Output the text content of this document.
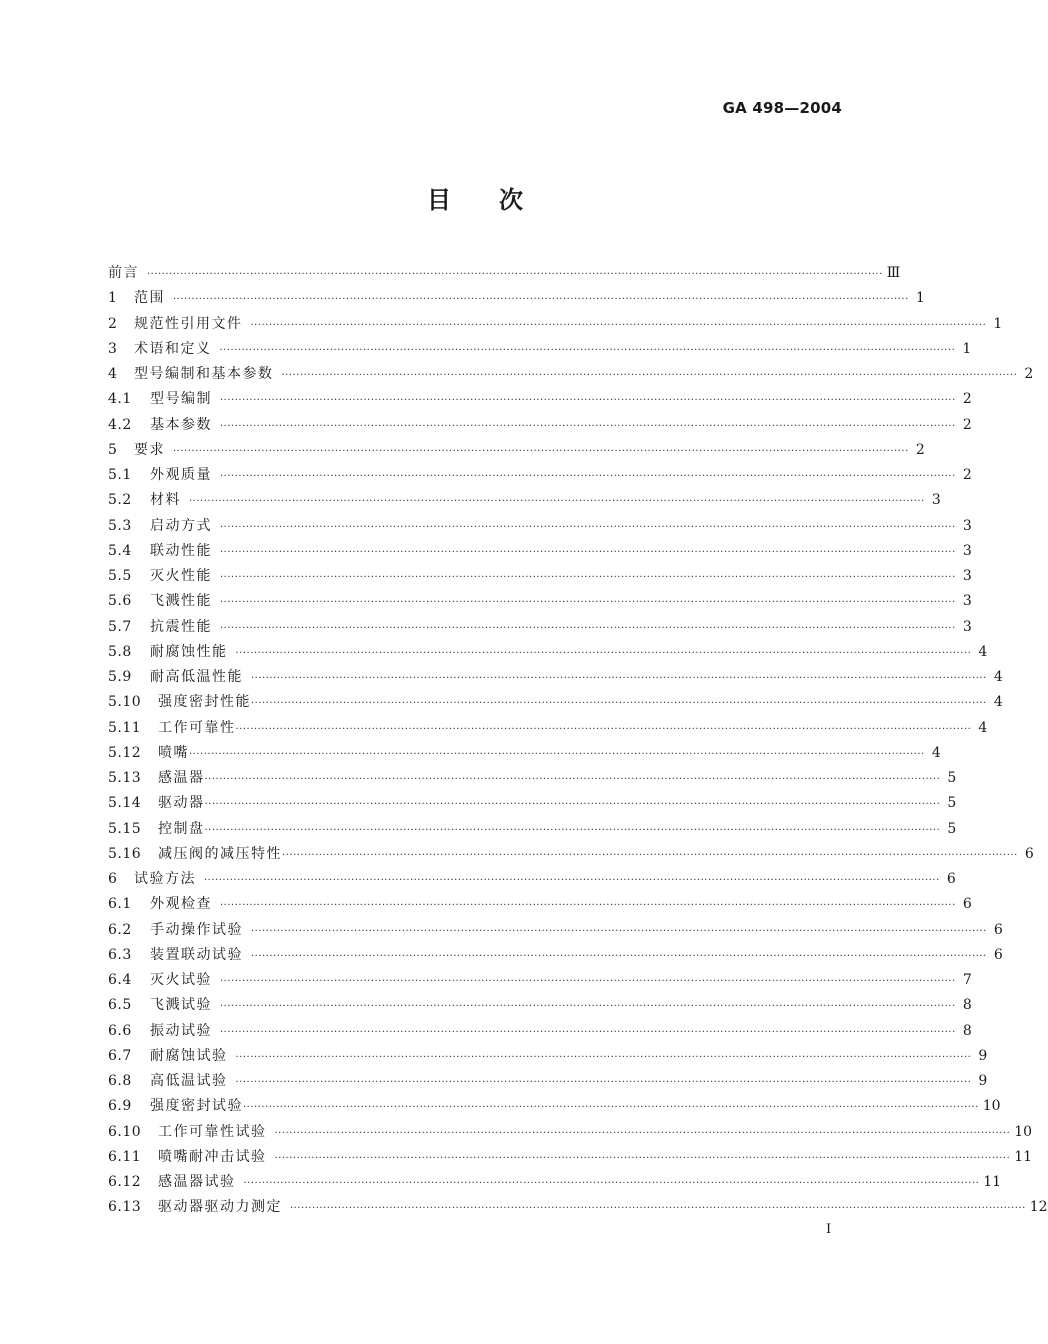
GA 498—2004
目 次
前言 ········································································································································································································ Ⅲ
1	范围 ········································································································································································································ 1
2	规范性引用文件 ········································································································································································································ 1
3	术语和定义 ········································································································································································································ 1
4	型号编制和基本参数 ········································································································································································································ 2
4.1	型号编制 ········································································································································································································ 2
4.2	基本参数 ········································································································································································································ 2
5	要求 ········································································································································································································ 2
5.1	外观质量 ········································································································································································································ 2
5.2	材料 ········································································································································································································ 3
5.3	启动方式 ········································································································································································································ 3
5.4	联动性能 ········································································································································································································ 3
5.5	灭火性能 ········································································································································································································ 3
5.6	飞溅性能 ········································································································································································································ 3
5.7	抗震性能 ········································································································································································································ 3
5.8	耐腐蚀性能 ········································································································································································································ 4
5.9	耐高低温性能 ········································································································································································································ 4
5.10	强度密封性能 ········································································································································································································ 4
5.11	工作可靠性 ········································································································································································································ 4
5.12	喷嘴 ········································································································································································································ 4
5.13	感温器 ········································································································································································································ 5
5.14	驱动器 ········································································································································································································ 5
5.15	控制盘 ········································································································································································································ 5
5.16	减压阀的减压特性 ········································································································································································································ 6
6	试验方法 ········································································································································································································ 6
6.1	外观检查 ········································································································································································································ 6
6.2	手动操作试验 ········································································································································································································ 6
6.3	装置联动试验 ········································································································································································································ 6
6.4	灭火试验 ········································································································································································································ 7
6.5	飞溅试验 ········································································································································································································ 8
6.6	振动试验 ········································································································································································································ 8
6.7	耐腐蚀试验 ········································································································································································································ 9
6.8	高低温试验 ········································································································································································································ 9
6.9	强度密封试验 ········································································································································································································ 10
6.10	工作可靠性试验 ········································································································································································································ 10
6.11	喷嘴耐冲击试验 ········································································································································································································ 11
6.12	感温器试验 ········································································································································································································ 11
6.13	驱动器驱动力测定 ········································································································································································································ 12
Ⅰ
